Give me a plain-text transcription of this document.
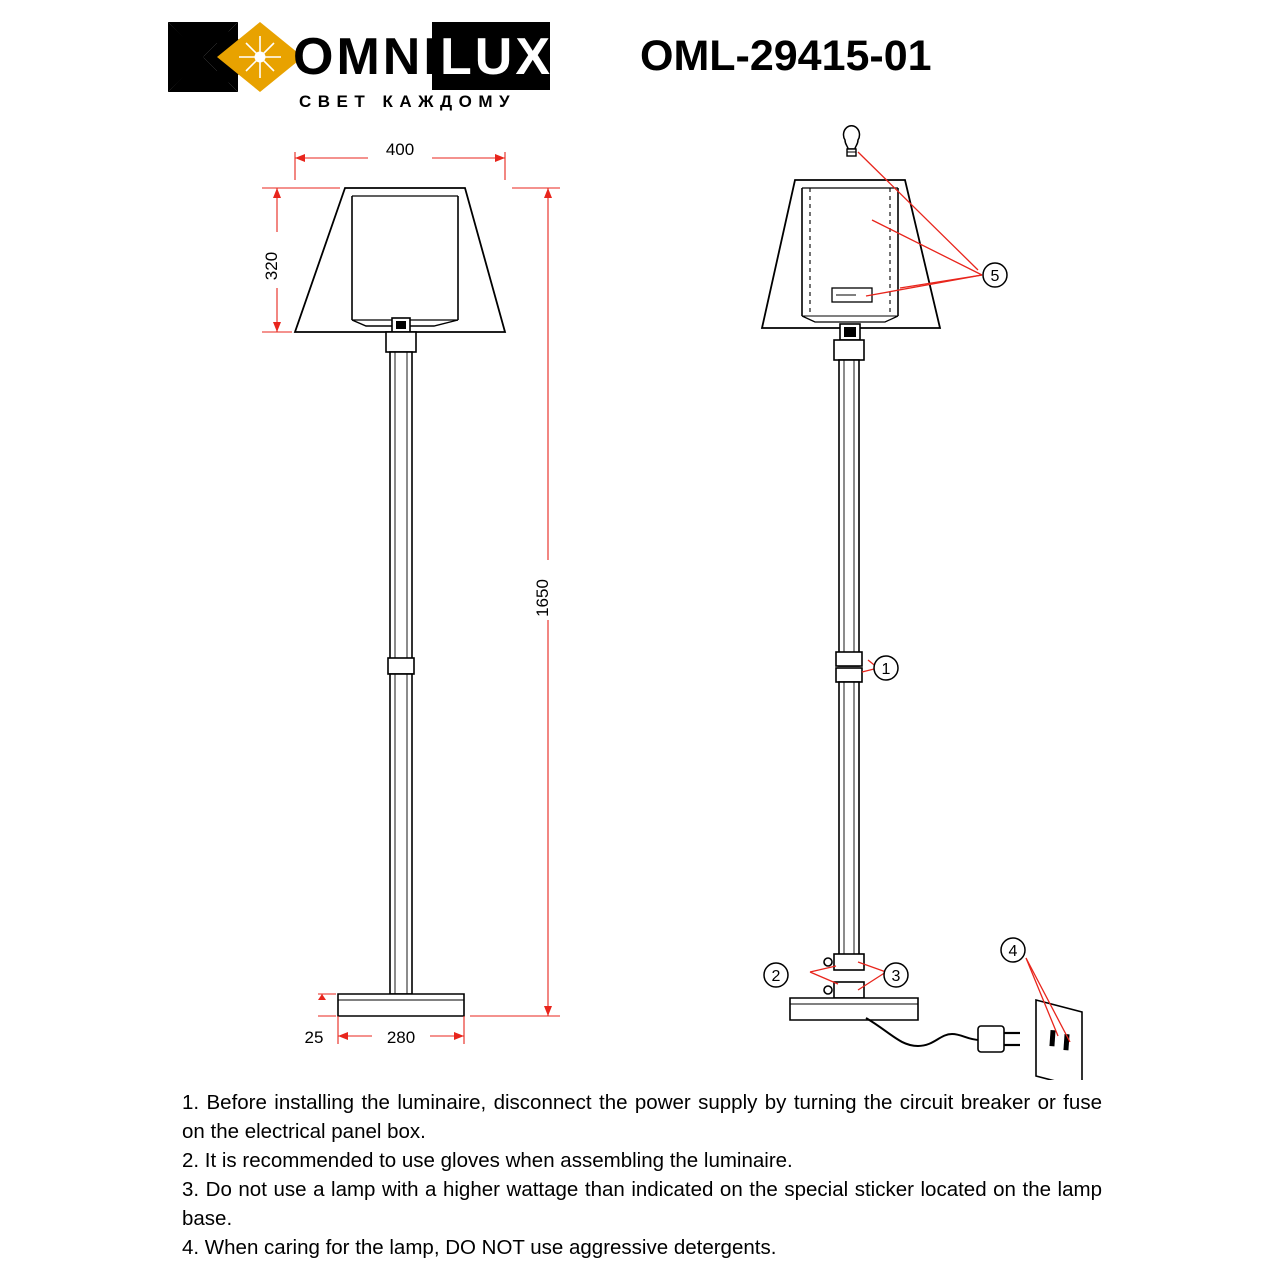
OMNI LUX
СВЕТ КАЖДОМУ
OML-29415-01
400
320
1650
280
25
5
1
2	3
4

1. Before installing the luminaire, disconnect the power supply by turning the circuit breaker or fuse on the electrical panel box.

2. It is recommended to use gloves when assembling the luminaire.

3. Do not use a lamp with a higher wattage than indicated on the special sticker located on the lamp base.

4. When caring for the lamp, DO NOT use aggressive detergents.
